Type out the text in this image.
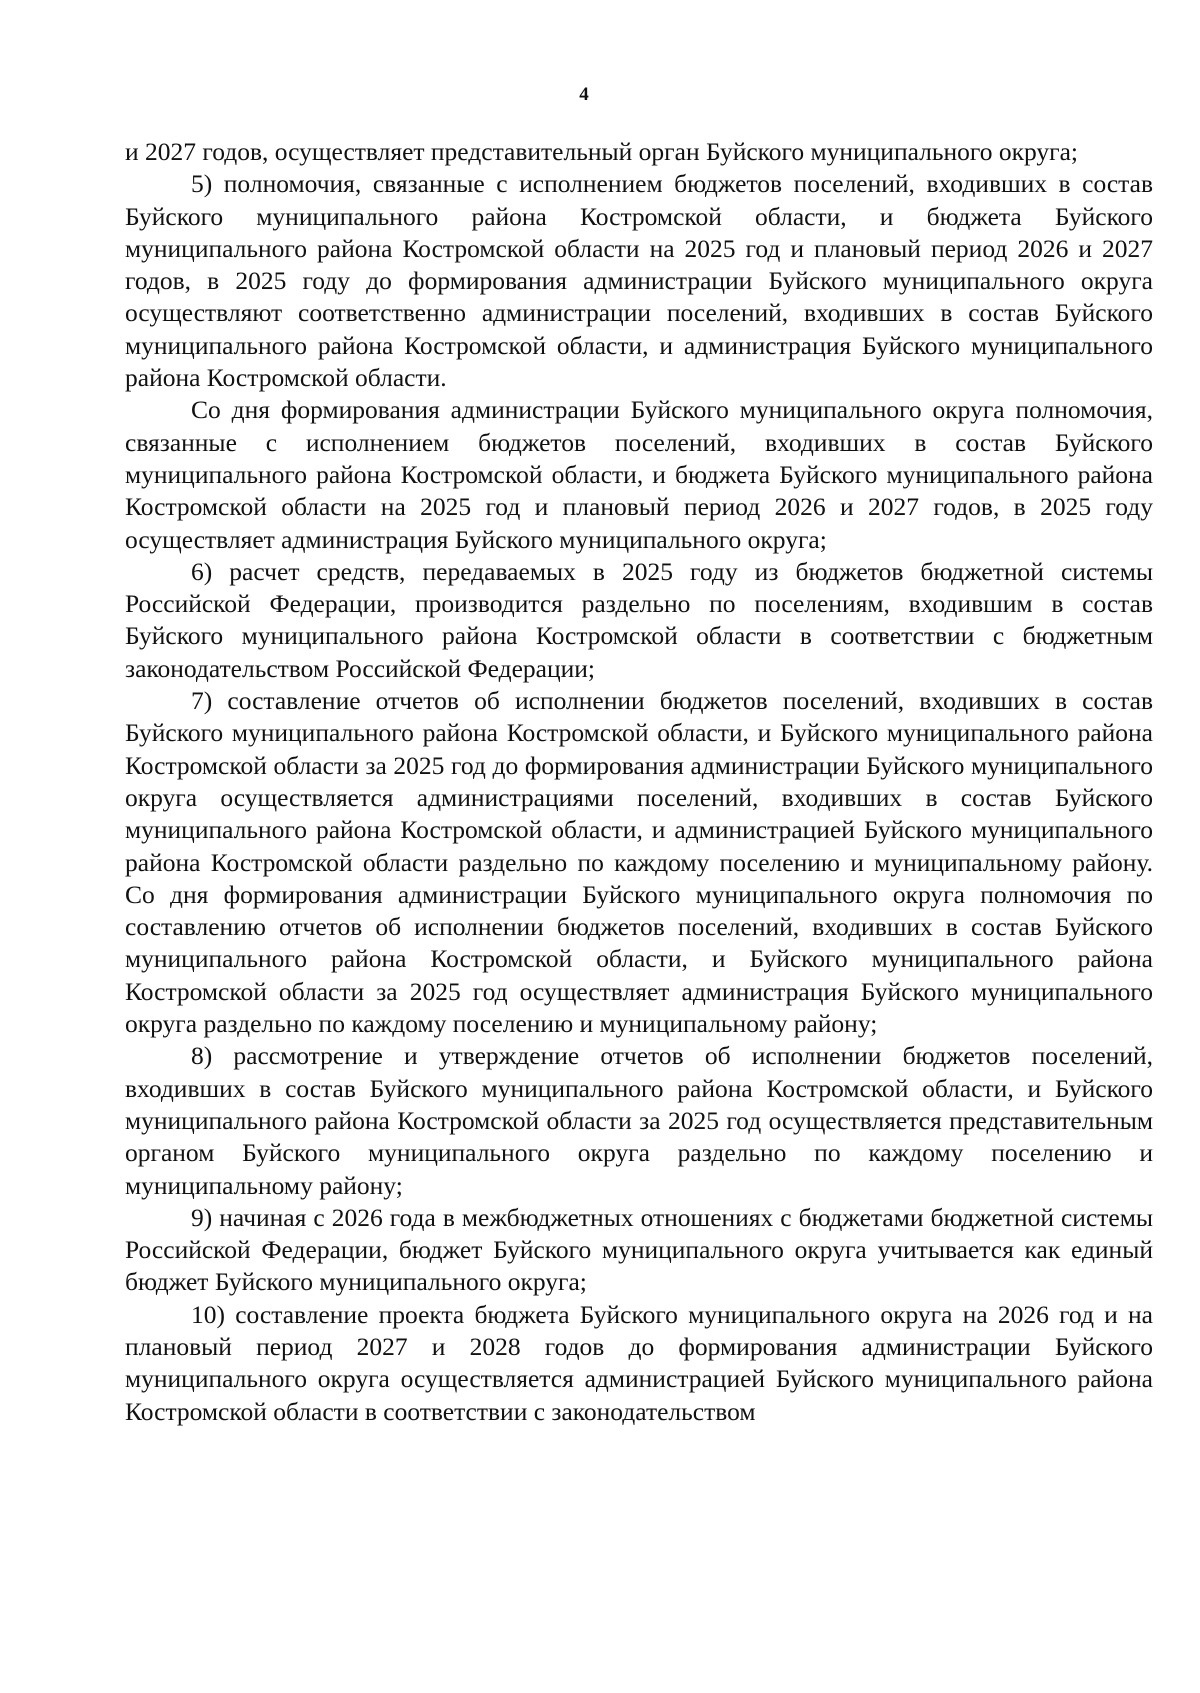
4

и 2027 годов, осуществляет представительный орган Буйского муниципального округа;

5) полномочия, связанные с исполнением бюджетов поселений, входивших в состав Буйского муниципального района Костромской области, и бюджета Буйского муниципального района Костромской области на 2025 год и плановый период 2026 и 2027 годов, в 2025 году до формирования администрации Буйского муниципального округа осуществляют соответственно администрации поселений, входивших в состав Буйского муниципального района Костромской области, и администрация Буйского муниципального района Костромской области.

Со дня формирования администрации Буйского муниципального округа полномочия, связанные с исполнением бюджетов поселений, входивших в состав Буйского муниципального района Костромской области, и бюджета Буйского муниципального района Костромской области на 2025 год и плановый период 2026 и 2027 годов, в 2025 году осуществляет администрация Буйского муниципального округа;

6) расчет средств, передаваемых в 2025 году из бюджетов бюджетной системы Российской Федерации, производится раздельно по поселениям, входившим в состав Буйского муниципального района Костромской области в соответствии с бюджетным законодательством Российской Федерации;

7) составление отчетов об исполнении бюджетов поселений, входивших в состав Буйского муниципального района Костромской области, и Буйского муниципального района Костромской области за 2025 год до формирования администрации Буйского муниципального округа осуществляется администрациями поселений, входивших в состав Буйского муниципального района Костромской области, и администрацией Буйского муниципального района Костромской области раздельно по каждому поселению и муниципальному району. Со дня формирования администрации Буйского муниципального округа полномочия по составлению отчетов об исполнении бюджетов поселений, входивших в состав Буйского муниципального района Костромской области, и Буйского муниципального района Костромской области за 2025 год осуществляет администрация Буйского муниципального округа раздельно по каждому поселению и муниципальному району;

8) рассмотрение и утверждение отчетов об исполнении бюджетов поселений, входивших в состав Буйского муниципального района Костромской области, и Буйского муниципального района Костромской области за 2025 год осуществляется представительным органом Буйского муниципального округа раздельно по каждому поселению и муниципальному району;

9) начиная с 2026 года в межбюджетных отношениях с бюджетами бюджетной системы Российской Федерации, бюджет Буйского муниципального округа учитывается как единый бюджет Буйского муниципального округа;

10) составление проекта бюджета Буйского муниципального округа на 2026 год и на плановый период 2027 и 2028 годов до формирования администрации Буйского муниципального округа осуществляется администрацией Буйского муниципального района Костромской области в соответствии с законодательством
